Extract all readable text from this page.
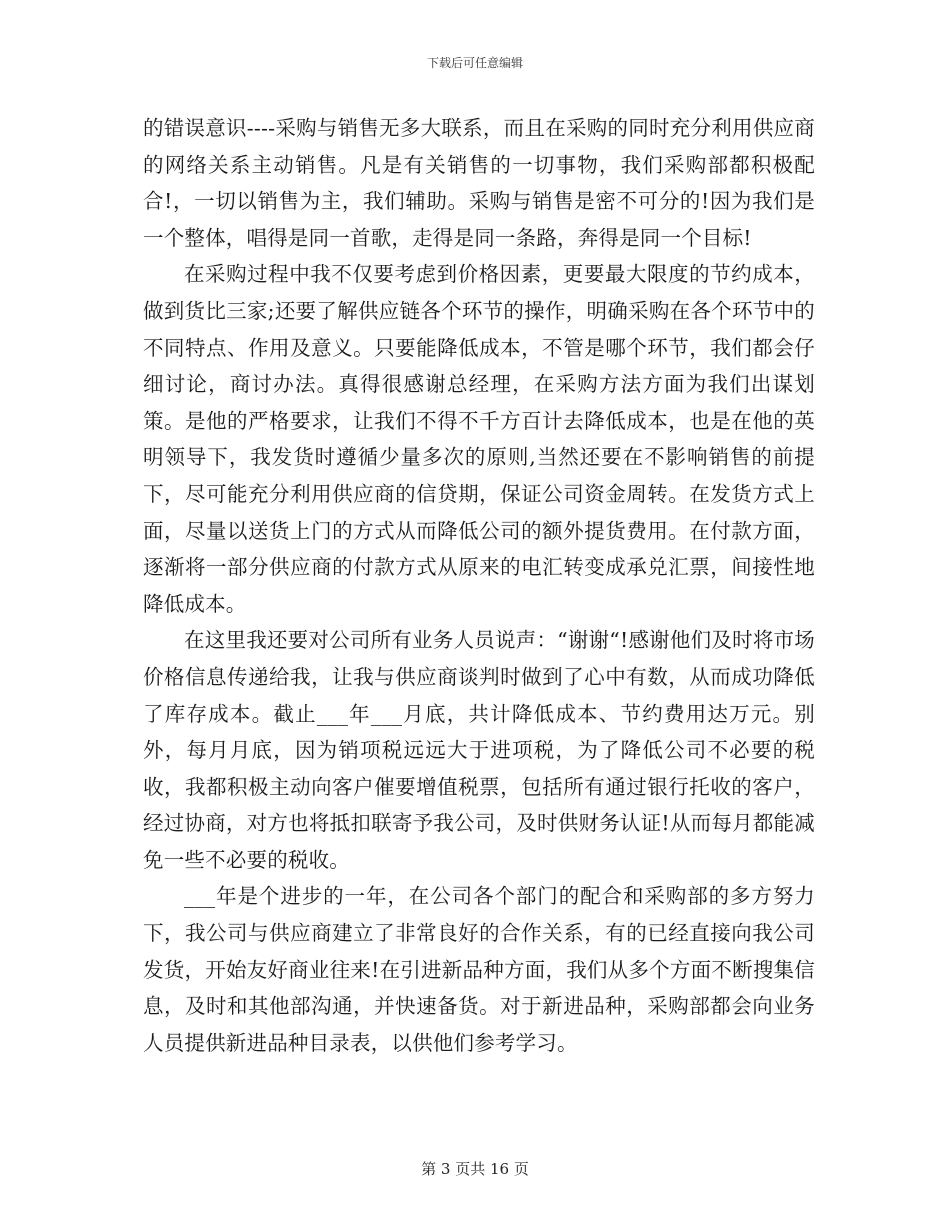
下载后可任意编辑

的错误意识----采购与销售无多大联系，而且在采购的同时充分利用供应商的网络关系主动销售。凡是有关销售的一切事物，我们采购部都积极配合!，一切以销售为主，我们辅助。采购与销售是密不可分的!因为我们是一个整体，唱得是同一首歌，走得是同一条路，奔得是同一个目标!

在采购过程中我不仅要考虑到价格因素，更要最大限度的节约成本，做到货比三家;还要了解供应链各个环节的操作，明确采购在各个环节中的不同特点、作用及意义。只要能降低成本，不管是哪个环节，我们都会仔细讨论，商讨办法。真得很感谢总经理，在采购方法方面为我们出谋划策。是他的严格要求，让我们不得不千方百计去降低成本，也是在他的英明领导下，我发货时遵循少量多次的原则,当然还要在不影响销售的前提下，尽可能充分利用供应商的信贷期，保证公司资金周转。在发货方式上面，尽量以送货上门的方式从而降低公司的额外提货费用。在付款方面，逐渐将一部分供应商的付款方式从原来的电汇转变成承兑汇票，间接性地降低成本。

在这里我还要对公司所有业务人员说声：“谢谢“!感谢他们及时将市场价格信息传递给我，让我与供应商谈判时做到了心中有数，从而成功降低了库存成本。截止___年___月底，共计降低成本、节约费用达万元。别外，每月月底，因为销项税远远大于进项税，为了降低公司不必要的税收，我都积极主动向客户催要增值税票，包括所有通过银行托收的客户，经过协商，对方也将抵扣联寄予我公司，及时供财务认证!从而每月都能减免一些不必要的税收。

___年是个进步的一年，在公司各个部门的配合和采购部的多方努力下，我公司与供应商建立了非常良好的合作关系，有的已经直接向我公司发货，开始友好商业往来!在引进新品种方面，我们从多个方面不断搜集信息，及时和其他部沟通，并快速备货。对于新进品种，采购部都会向业务人员提供新进品种目录表，以供他们参考学习。

第 3 页共 16 页
